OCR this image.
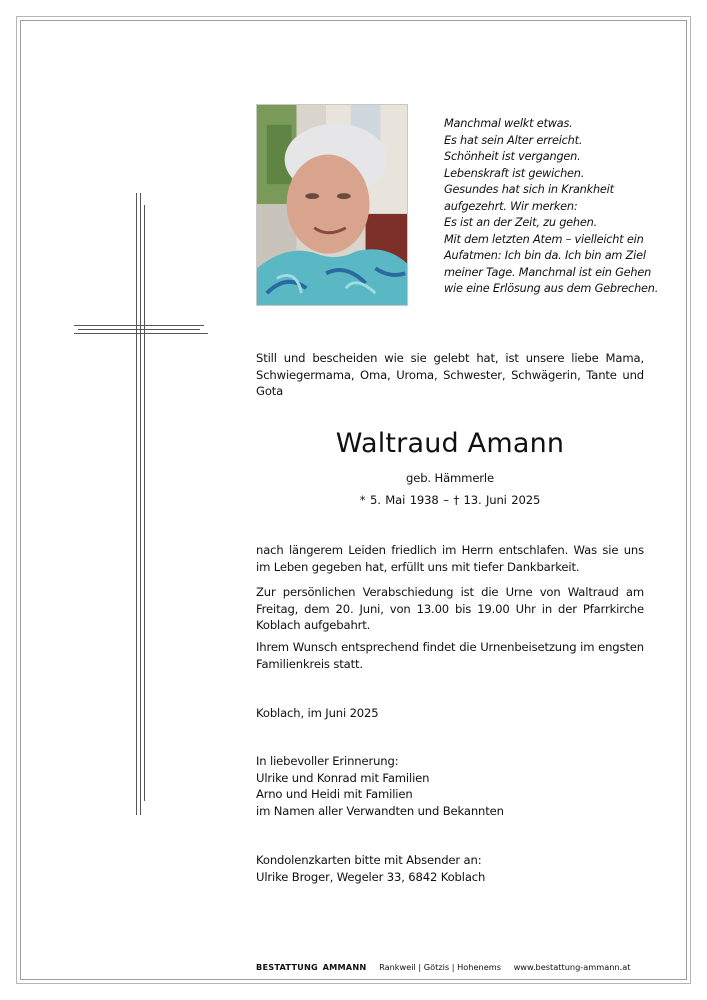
Manchmal welkt etwas.
Es hat sein Alter erreicht.
Schönheit ist vergangen.
Lebenskraft ist gewichen.
Gesundes hat sich in Krankheit
aufgezehrt. Wir merken:
Es ist an der Zeit, zu gehen.
Mit dem letzten Atem – vielleicht ein
Aufatmen: Ich bin da. Ich bin am Ziel
meiner Tage. Manchmal ist ein Gehen
wie eine Erlösung aus dem Gebrechen.
Still und bescheiden wie sie gelebt hat, ist unsere liebe Mama, Schwiegermama, Oma, Uroma, Schwester, Schwägerin, Tante und Gota
Waltraud Amann
geb. Hämmerle
* 5. Mai 1938 – † 13. Juni 2025
nach längerem Leiden friedlich im Herrn entschlafen. Was sie uns im Leben gegeben hat, erfüllt uns mit tiefer Dankbarkeit.
Zur persönlichen Verabschiedung ist die Urne von Waltraud am Freitag, dem 20. Juni, von 13.00 bis 19.00 Uhr in der Pfarrkirche Koblach aufgebahrt.
Ihrem Wunsch entsprechend findet die Urnenbeisetzung im engsten Familienkreis statt.
Koblach, im Juni 2025
In liebevoller Erinnerung:
Ulrike und Konrad mit Familien
Arno und Heidi mit Familien
im Namen aller Verwandten und Bekannten
Kondolenzkarten bitte mit Absender an:
Ulrike Broger, Wegeler 33, 6842 Koblach
BESTATTUNG AMMANN Rankweil | Götzis | Hohenems www.bestattung-ammann.at
